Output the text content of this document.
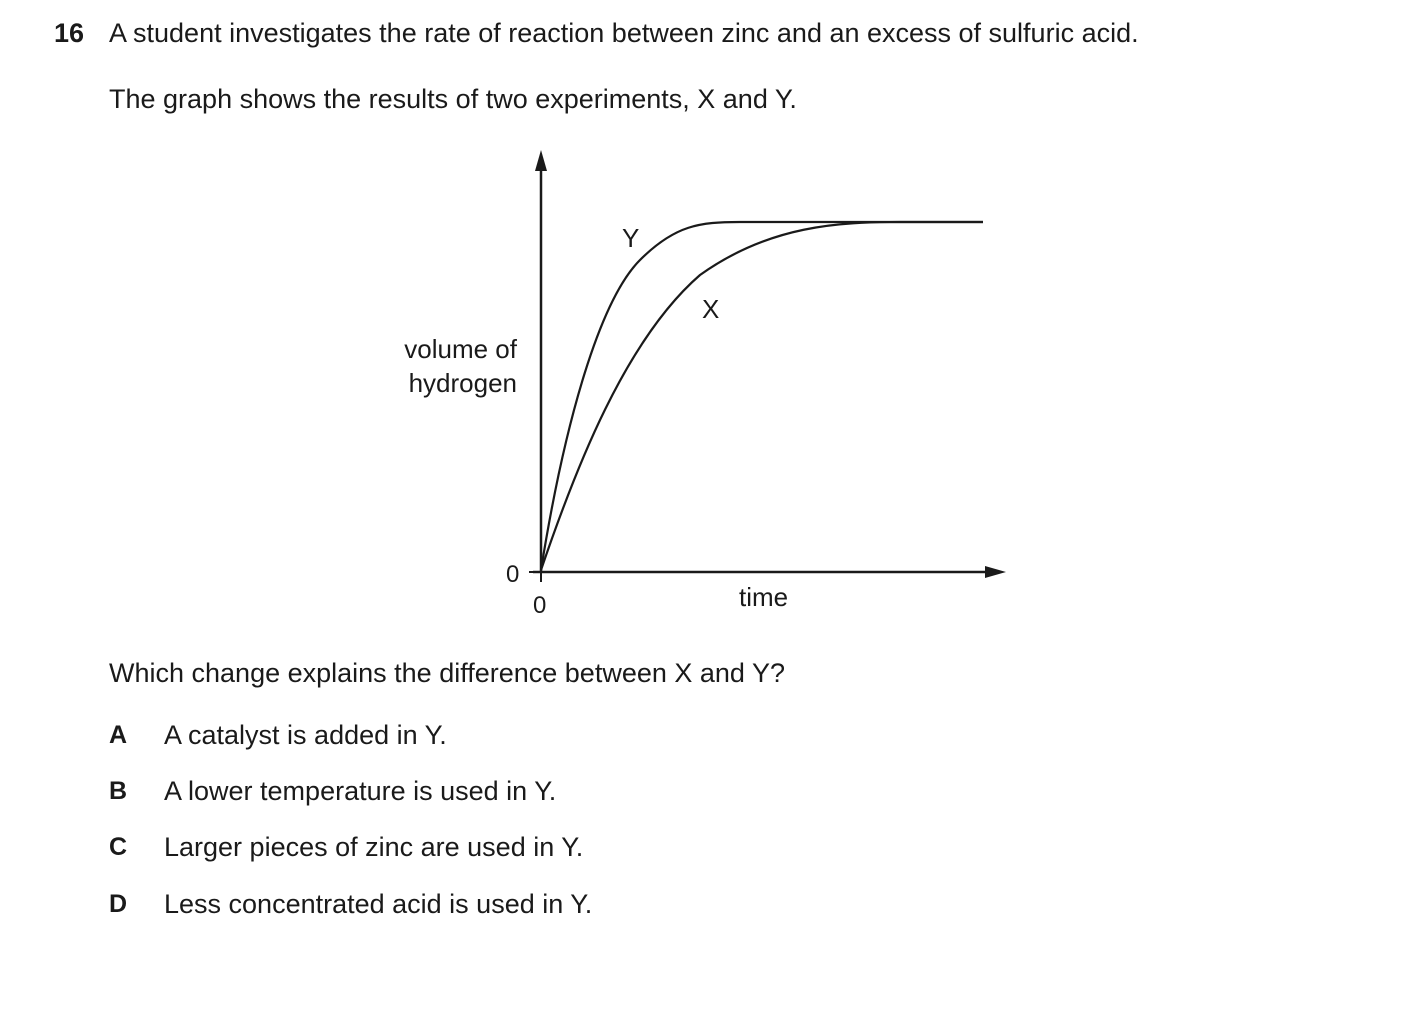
16 A student investigates the rate of reaction between zinc and an excess of sulfuric acid.
The graph shows the results of two experiments, X and Y.
Y
X
volume of
hydrogen
0
0	time
Which change explains the difference between X and Y?
A A catalyst is added in Y.
B A lower temperature is used in Y.
C Larger pieces of zinc are used in Y.
D Less concentrated acid is used in Y.
